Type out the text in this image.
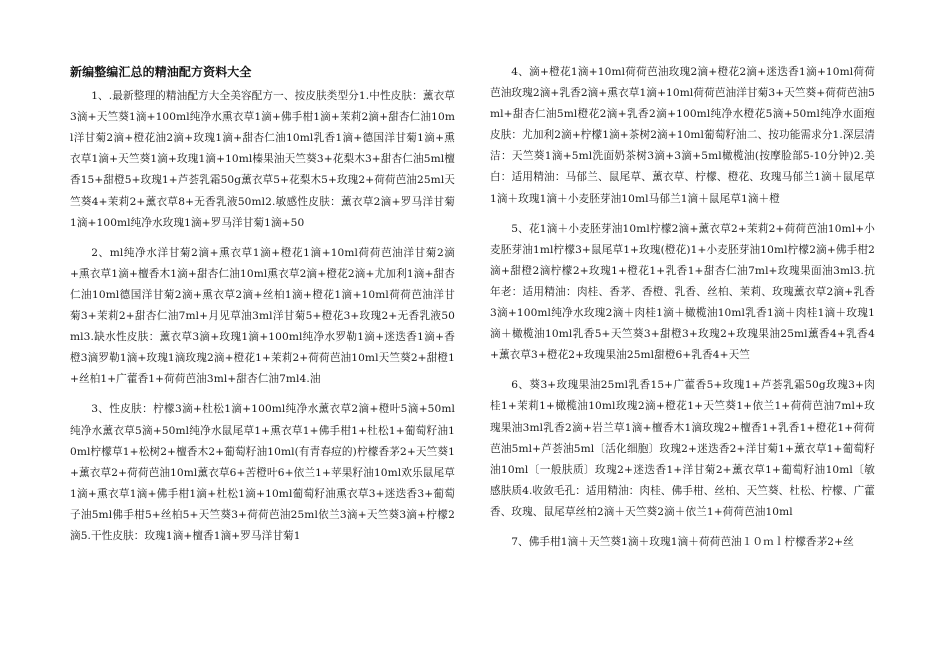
新编整编汇总的精油配方资料大全

1、.最新整理的精油配方大全美容配方一、按皮肤类型分1.中性皮肤：薰衣草3滴+天竺葵1滴+100ml纯净水熏衣草1滴+佛手柑1滴+茉莉2滴+甜杏仁油10ml洋甘菊2滴+橙花油2滴+玫瑰1滴+甜杏仁油10ml乳香1滴+德国洋甘菊1滴+熏衣草1滴+天竺葵1滴+玫瑰1滴+10ml榛果油天竺葵3+花梨木3+甜杏仁油5ml檀香15+甜橙5+玫瑰1+芦荟乳霜50g薰衣草5+花梨木5+玫瑰2+荷荷芭油25ml天竺葵4+茉莉2+薰衣草8+无香乳液50ml2.敏感性皮肤：薰衣草2滴+罗马洋甘菊1滴+100ml纯净水玫瑰1滴+罗马洋甘菊1滴+50

2、ml纯净水洋甘菊2滴+熏衣草1滴+橙花1滴+10ml荷荷芭油洋甘菊2滴+熏衣草1滴+檀香木1滴+甜杏仁油10ml熏衣草2滴+橙花2滴+尤加利1滴+甜杏仁油10ml德国洋甘菊2滴+熏衣草2滴+丝柏1滴+橙花1滴+10ml荷荷芭油洋甘菊3+茉莉2+甜杏仁油7ml+月见草油3ml洋甘菊5+橙花3+玫瑰2+无香乳液50ml3.缺水性皮肤：薰衣草3滴+玫瑰1滴+100ml纯净水罗勒1滴+迷迭香1滴+香橙3滴罗勒1滴+玫瑰1滴玫瑰2滴+橙花1+茉莉2+荷荷芭油10ml天竺葵2+甜橙1+丝柏1+广藿香1+荷荷芭油3ml+甜杏仁油7ml4.油

3、性皮肤：柠檬3滴+杜松1滴+100ml纯净水薰衣草2滴+橙叶5滴+50ml纯净水薰衣草5滴+50ml纯净水鼠尾草1+熏衣草1+佛手柑1+杜松1+葡萄籽油10ml柠檬草1+松树2+檀香木2+葡萄籽油10ml(有青春痘的)柠檬香茅2+天竺葵1+薰衣草2+荷荷芭油10ml薰衣草6+苦橙叶6+依兰1+苹果籽油10ml欢乐鼠尾草1滴+熏衣草1滴+佛手柑1滴+杜松1滴+10ml葡萄籽油熏衣草3+迷迭香3+葡萄子油5ml佛手柑5+丝柏5+天竺葵3+荷荷芭油25ml依兰3滴+天竺葵3滴+柠檬2滴5.干性皮肤：玫瑰1滴+檀香1滴+罗马洋甘菊1

4、滴+橙花1滴+10ml荷荷芭油玫瑰2滴+橙花2滴+迷迭香1滴+10ml荷荷芭油玫瑰2滴+乳香2滴+熏衣草1滴+10ml荷荷芭油洋甘菊3+天竺葵+荷荷芭油5ml+甜杏仁油5ml橙花2滴+乳香2滴+100ml纯净水橙花5滴+50ml纯净水面疱皮肤：尤加利2滴+柠檬1滴+茶树2滴+10ml葡萄籽油二、按功能需求分1.深层清洁：天竺葵1滴+5ml洗面奶茶树3滴+3滴+5ml橄榄油(按摩脸部5-10分钟)2.美白：适用精油：马郁兰、鼠尾草、薰衣草、柠檬、橙花、玫瑰马郁兰1滴＋鼠尾草1滴＋玫瑰1滴＋小麦胚芽油10ml马郁兰1滴＋鼠尾草1滴＋橙

5、花1滴＋小麦胚芽油10ml柠檬2滴+薰衣草2+茉莉2+荷荷芭油10ml+小麦胚芽油1ml柠檬3+鼠尾草1+玫瑰(橙花)1+小麦胚芽油10ml柠檬2滴+佛手柑2滴+甜橙2滴柠檬2+玫瑰1+橙花1+乳香1+甜杏仁油7ml+玫瑰果面油3ml3.抗年老：适用精油：肉桂、香茅、香橙、乳香、丝柏、茉莉、玫瑰薰衣草2滴+乳香3滴+100ml纯净水玫瑰2滴＋肉桂1滴＋橄榄油10ml乳香1滴＋肉桂1滴＋玫瑰1滴＋橄榄油10ml乳香5+天竺葵3+甜橙3+玫瑰2+玫瑰果油25ml薰香4+乳香4+薰衣草3+橙花2+玫瑰果油25ml甜橙6+乳香4+天竺

6、葵3+玫瑰果油25ml乳香15+广藿香5+玫瑰1+芦荟乳霜50g玫瑰3+肉桂1+茉莉1+橄榄油10ml玫瑰2滴+橙花1+天竺葵1+依兰1+荷荷芭油7ml+玫瑰果油3ml乳香2滴+岩兰草1滴+檀香木1滴玫瑰2+檀香1+乳香1+橙花1+荷荷芭油5ml+芦荟油5ml〔活化细胞〕玫瑰2+迷迭香2+洋甘菊1+薰衣草1+葡萄籽油10ml〔一般肤质〕玫瑰2+迷迭香1+洋甘菊2+薰衣草1+葡萄籽油10ml〔敏感肤质4.收敛毛孔：适用精油：肉桂、佛手柑、丝柏、天竺葵、杜松、柠檬、广藿香、玫瑰、鼠尾草丝柏2滴＋天竺葵2滴＋依兰1+荷荷芭油10ml

7、佛手柑1滴＋天竺葵1滴＋玫瑰1滴＋荷荷芭油１０ｍｌ柠檬香茅2+丝
